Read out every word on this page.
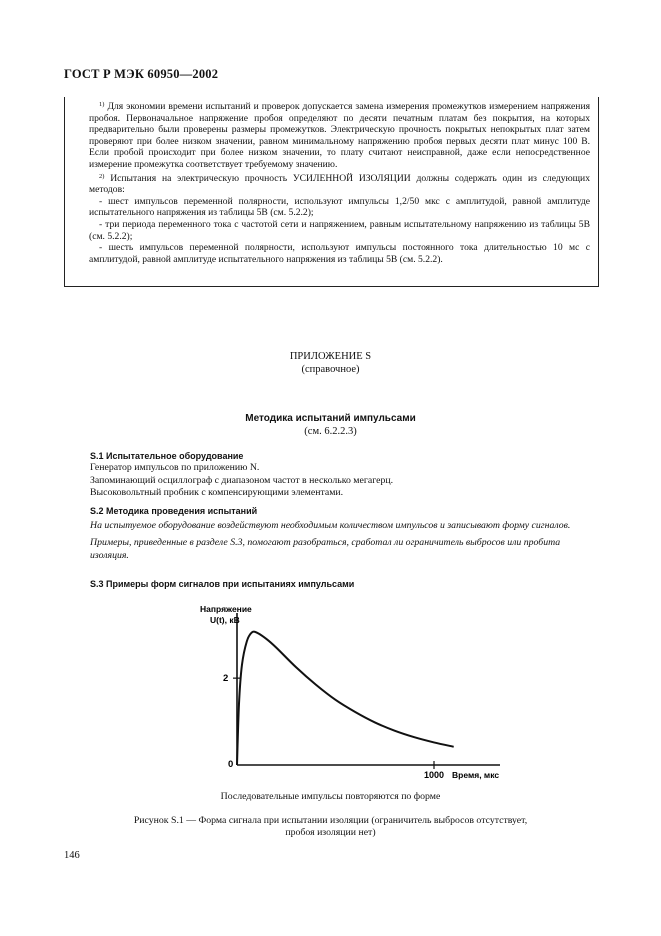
ГОСТ Р МЭК 60950—2002

$^{1)}$ Для экономии времени испытаний и проверок допускается замена измерения промежутков измерением напряжения пробоя. Первоначальное напряжение пробоя определяют по десяти печатным платам без покрытия, на которых предварительно были проверены размеры промежутков. Электрическую прочность покрытых непокрытых плат затем проверяют при более низком значении, равном минимальному напряжению пробоя первых десяти плат минус 100 В. Если пробой происходит при более низком значении, то плату считают неисправной, даже если непосредственное измерение промежутка соответствует требуемому значению.

$^{2)}$ Испытания на электрическую прочность УСИЛЕННОЙ ИЗОЛЯЦИИ должны содержать один из следующих методов:

- шест импульсов переменной полярности, используют импульсы 1,2/50 мкс с амплитудой, равной амплитуде испытательного напряжения из таблицы 5В (см. 5.2.2);

- три периода переменного тока с частотой сети и напряжением, равным испытательному напряжению из таблицы 5В (см. 5.2.2);

- шесть импульсов переменной полярности, используют импульсы постоянного тока длительностью 10 мс с амплитудой, равной амплитуде испытательного напряжения из таблицы 5В (см. 5.2.2).

ПРИЛОЖЕНИЕ S
(справочное)
Методика испытаний импульсами
(см. 6.2.2.3)
S.1 Испытательное оборудование
Генератор импульсов по приложению N.
Запоминающий осциллограф с диапазоном частот в несколько мегагерц.
Высоковольтный пробник с компенсирующими элементами.
S.2 Методика проведения испытаний

На испытуемое оборудование воздействуют необходимым количеством импульсов и записывают форму сигналов.

Примеры, приведенные в разделе S.3, помогают разобраться, сработал ли ограничитель выбросов или пробита изоляция.

S.3 Примеры форм сигналов при испытаниях импульсами
Напряжение
U(t), кВ
2
0
1000 Время, мкс
Последовательные импульсы повторяются по форме
Рисунок S.1 — Форма сигнала при испытании изоляции (ограничитель выбросов отсутствует,
пробоя изоляции нет)
146
